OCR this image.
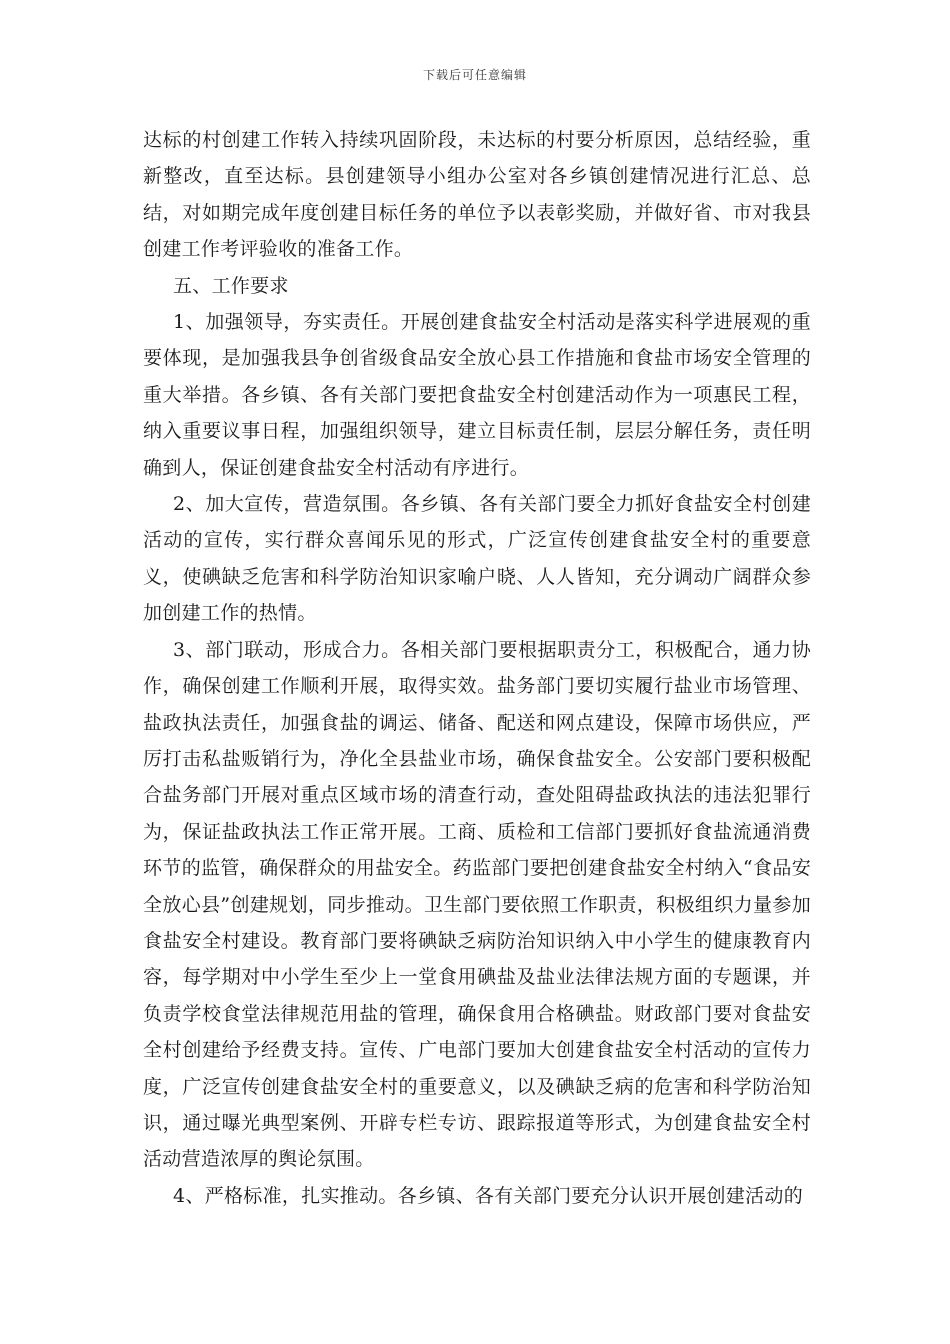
下载后可任意编辑

达标的村创建工作转入持续巩固阶段，未达标的村要分析原因，总结经验，重新整改，直至达标。县创建领导小组办公室对各乡镇创建情况进行汇总、总结，对如期完成年度创建目标任务的单位予以表彰奖励，并做好省、市对我县创建工作考评验收的准备工作。

五、工作要求

1、加强领导，夯实责任。开展创建食盐安全村活动是落实科学进展观的重要体现，是加强我县争创省级食品安全放心县工作措施和食盐市场安全管理的重大举措。各乡镇、各有关部门要把食盐安全村创建活动作为一项惠民工程，纳入重要议事日程，加强组织领导，建立目标责任制，层层分解任务，责任明确到人，保证创建食盐安全村活动有序进行。

2、加大宣传，营造氛围。各乡镇、各有关部门要全力抓好食盐安全村创建活动的宣传，实行群众喜闻乐见的形式，广泛宣传创建食盐安全村的重要意义，使碘缺乏危害和科学防治知识家喻户晓、人人皆知，充分调动广阔群众参加创建工作的热情。

3、部门联动，形成合力。各相关部门要根据职责分工，积极配合，通力协作，确保创建工作顺利开展，取得实效。盐务部门要切实履行盐业市场管理、盐政执法责任，加强食盐的调运、储备、配送和网点建设，保障市场供应，严厉打击私盐贩销行为，净化全县盐业市场，确保食盐安全。公安部门要积极配合盐务部门开展对重点区域市场的清查行动，查处阻碍盐政执法的违法犯罪行为，保证盐政执法工作正常开展。工商、质检和工信部门要抓好食盐流通消费环节的监管，确保群众的用盐安全。药监部门要把创建食盐安全村纳入“食品安全放心县”创建规划，同步推动。卫生部门要依照工作职责，积极组织力量参加食盐安全村建设。教育部门要将碘缺乏病防治知识纳入中小学生的健康教育内容，每学期对中小学生至少上一堂食用碘盐及盐业法律法规方面的专题课，并负责学校食堂法律规范用盐的管理，确保食用合格碘盐。财政部门要对食盐安全村创建给予经费支持。宣传、广电部门要加大创建食盐安全村活动的宣传力度，广泛宣传创建食盐安全村的重要意义，以及碘缺乏病的危害和科学防治知识，通过曝光典型案例、开辟专栏专访、跟踪报道等形式，为创建食盐安全村活动营造浓厚的舆论氛围。

4、严格标准，扎实推动。各乡镇、各有关部门要充分认识开展创建活动的
